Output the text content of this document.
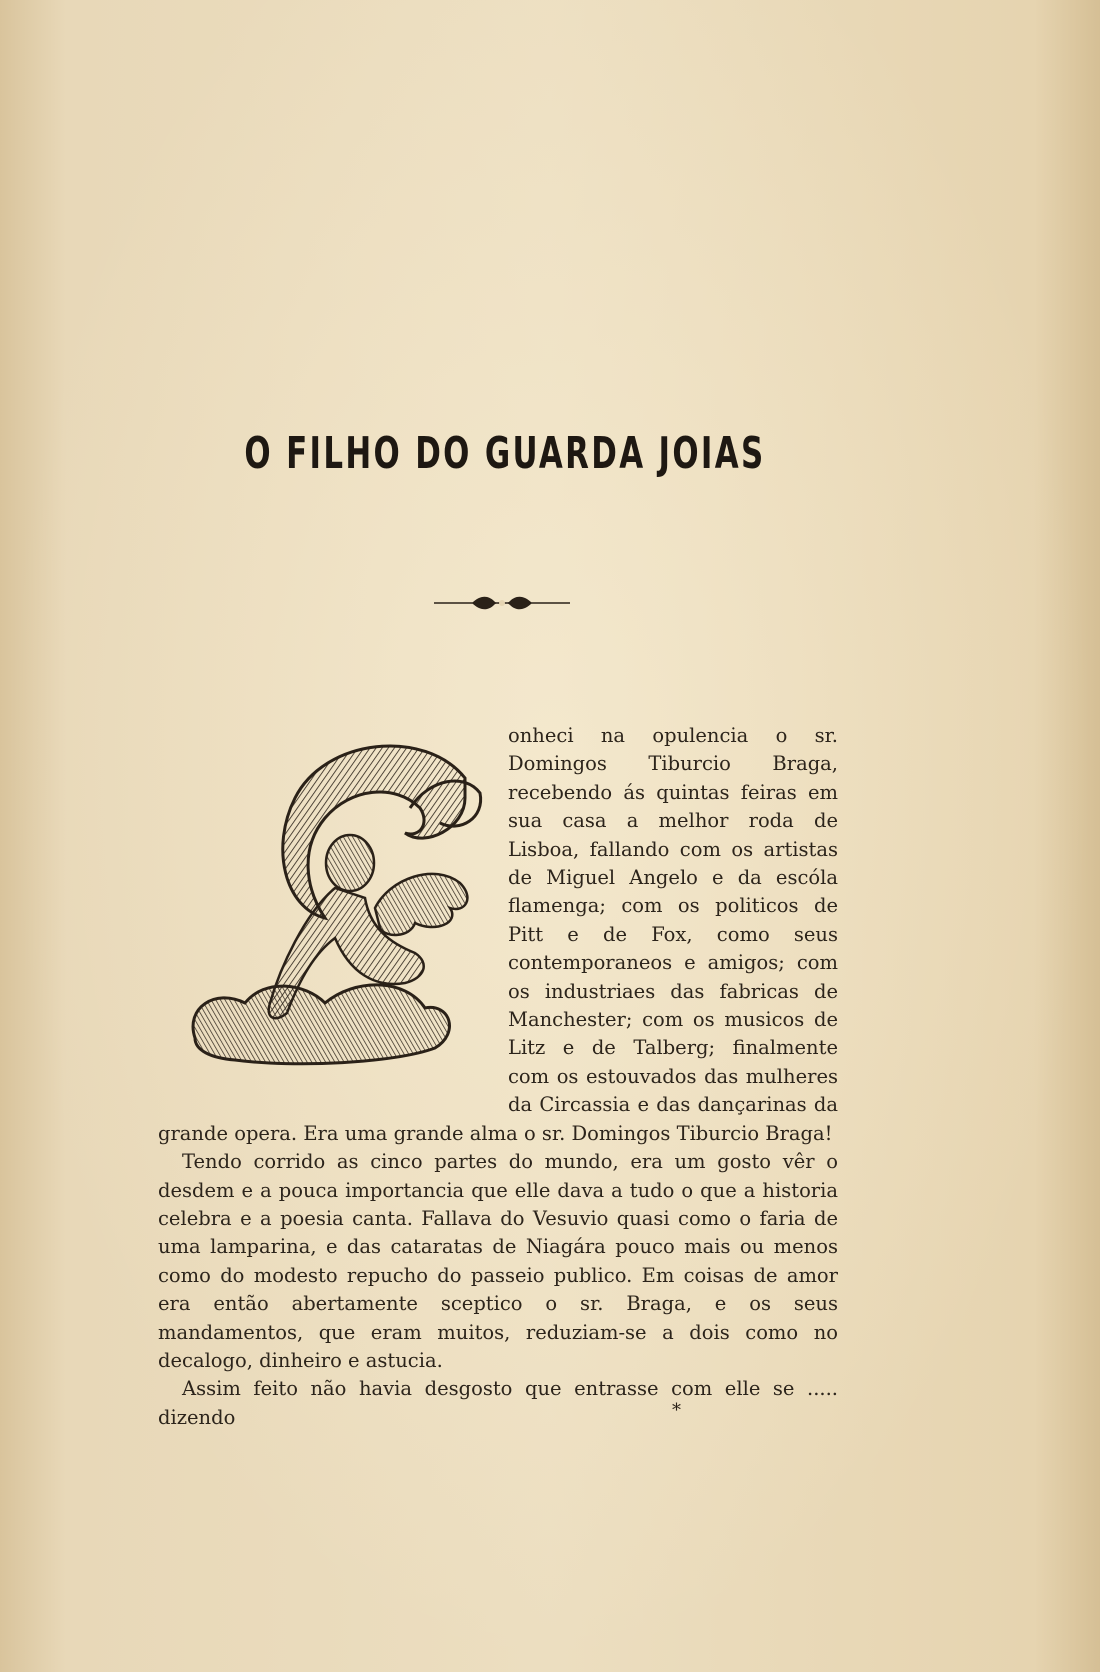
O FILHO DO GUARDA JOIAS

onheci na opulencia o sr. Domingos Tiburcio Braga, recebendo ás quintas feiras em sua casa a melhor roda de Lisboa, fallando com os artistas de Miguel Angelo e da escóla flamenga; com os politicos de Pitt e de Fox, como seus contemporaneos e amigos; com os industriaes das fabricas de Manchester; com os musicos de Litz e de Talberg; finalmente com os estouvados das mulheres da Circassia e das dançarinas da grande opera. Era uma grande alma o sr. Domingos Tiburcio Braga!

Tendo corrido as cinco partes do mundo, era um gosto vêr o desdem e a pouca importancia que elle dava a tudo o que a historia celebra e a poesia canta. Fallava do Vesuvio quasi como o faria de uma lamparina, e das cataratas de Niagára pouco mais ou menos como do modesto repucho do passeio publico. Em coisas de amor era então abertamente sceptico o sr. Braga, e os seus mandamentos, que eram muitos, reduziam-se a dois como no decalogo, dinheiro e astucia.

Assim feito não havia desgosto que entrasse com elle se ..... dizendo	*
